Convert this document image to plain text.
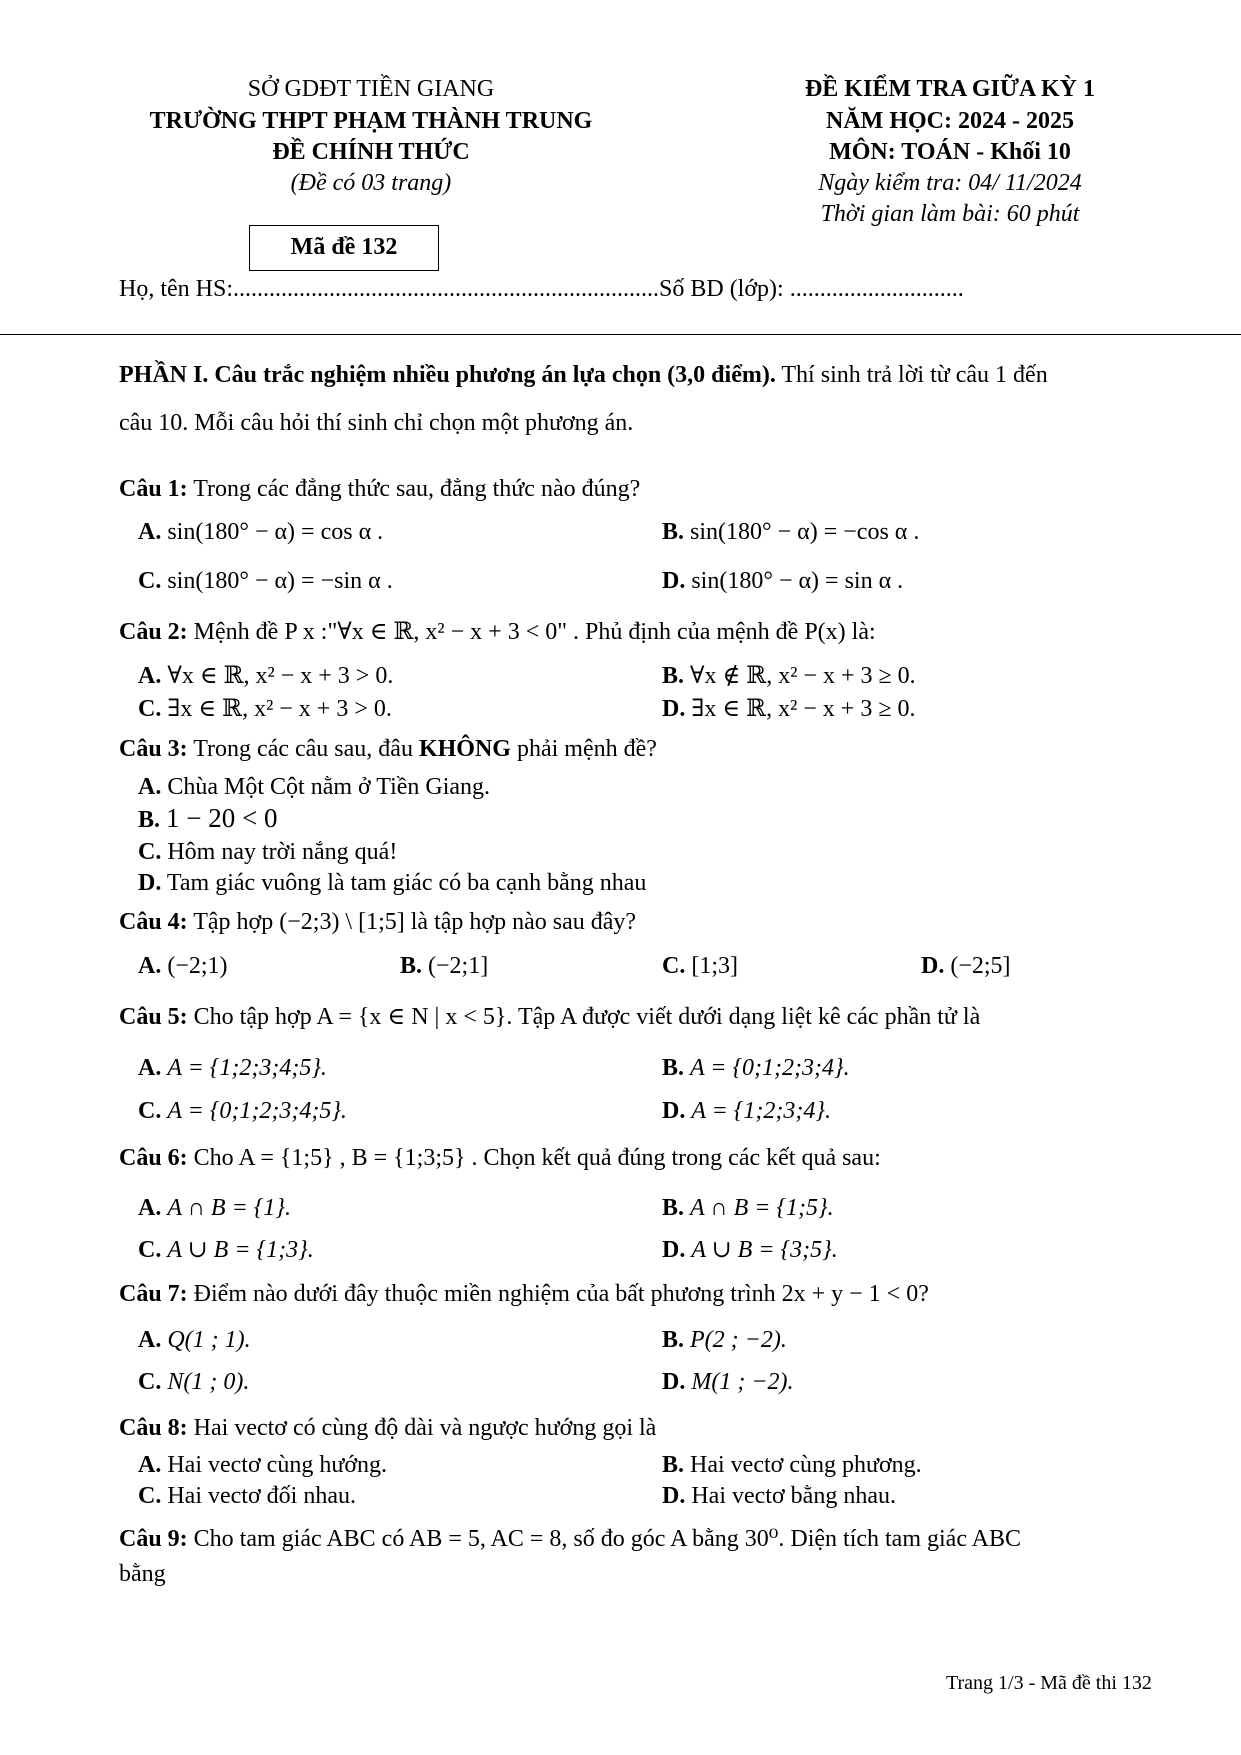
SỞ GDĐT TIỀN GIANG
TRƯỜNG THPT PHẠM THÀNH TRUNG
ĐỀ CHÍNH THỨC
(Đề có 03 trang)
ĐỀ KIỂM TRA GIỮA KỲ 1
NĂM HỌC: 2024 - 2025
MÔN: TOÁN - Khối 10
Ngày kiểm tra: 04/ 11/2024
Thời gian làm bài: 60 phút
Mã đề 132
Họ, tên HS:.......................................................................Số BD (lớp): .............................
PHẦN I. Câu trắc nghiệm nhiều phương án lựa chọn (3,0 điểm). Thí sinh trả lời từ câu 1 đến
câu 10. Mỗi câu hỏi thí sinh chỉ chọn một phương án.
Câu 1: Trong các đẳng thức sau, đẳng thức nào đúng?
A. sin(180° − α) = cos α .	B. sin(180° − α) = −cos α .
C. sin(180° − α) = −sin α .	D. sin(180° − α) = sin α .
Câu 2: Mệnh đề P x :"∀x ∈ ℝ, x² − x + 3 < 0" . Phủ định của mệnh đề P(x) là:
A. ∀x ∈ ℝ, x² − x + 3 > 0.	B. ∀x ∉ ℝ, x² − x + 3 ≥ 0.
C. ∃x ∈ ℝ, x² − x + 3 > 0.	D. ∃x ∈ ℝ, x² − x + 3 ≥ 0.
Câu 3: Trong các câu sau, đâu KHÔNG phải mệnh đề?
A. Chùa Một Cột nằm ở Tiền Giang.
B. 1 − 20 < 0
C. Hôm nay trời nắng quá!
D. Tam giác vuông là tam giác có ba cạnh bằng nhau
Câu 4: Tập hợp (−2;3) \ [1;5] là tập hợp nào sau đây?
A. (−2;1)	B. (−2;1]	C. [1;3]	D. (−2;5]
Câu 5: Cho tập hợp A = {x ∈ N | x < 5}. Tập A được viết dưới dạng liệt kê các phần tử là
A. A = {1;2;3;4;5}.	B. A = {0;1;2;3;4}.
C. A = {0;1;2;3;4;5}.	D. A = {1;2;3;4}.
Câu 6: Cho A = {1;5} , B = {1;3;5} . Chọn kết quả đúng trong các kết quả sau:
A. A ∩ B = {1}.	B. A ∩ B = {1;5}.
C. A ∪ B = {1;3}.	D. A ∪ B = {3;5}.
Câu 7: Điểm nào dưới đây thuộc miền nghiệm của bất phương trình 2x + y − 1 < 0?
A. Q(1 ; 1).	B. P(2 ; −2).
C. N(1 ; 0).	D. M(1 ; −2).
Câu 8: Hai vectơ có cùng độ dài và ngược hướng gọi là
A. Hai vectơ cùng hướng.	B. Hai vectơ cùng phương.
C. Hai vectơ đối nhau.	D. Hai vectơ bằng nhau.
Câu 9: Cho tam giác ABC có AB = 5, AC = 8, số đo góc A bằng 30⁰. Diện tích tam giác ABC
bằng
Trang 1/3 - Mã đề thi 132
